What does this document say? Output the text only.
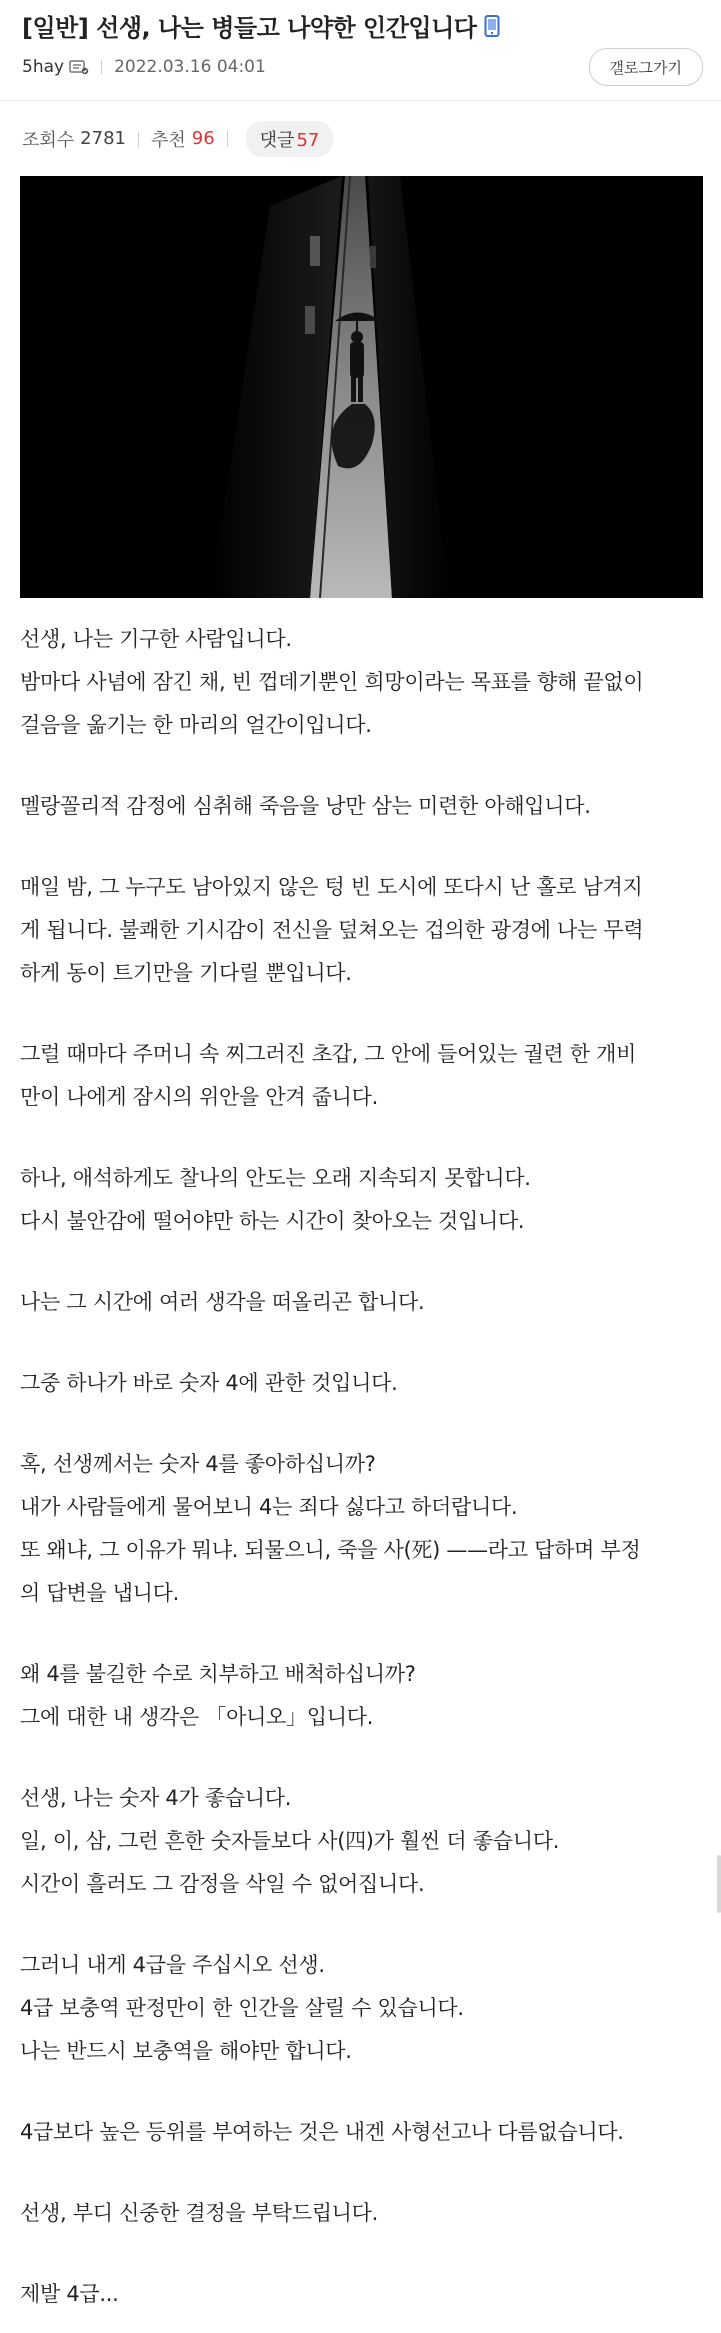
[일반] 선생, 나는 병들고 나약한 인간입니다
5hay	2022.03.16 04:01	갤로그가기
조회수 2781 추천 96	댓글 57
선생, 나는 기구한 사람입니다.
밤마다 사념에 잠긴 채, 빈 껍데기뿐인 희망이라는 목표를 향해 끝없이
걸음을 옮기는 한 마리의 얼간이입니다.
멜랑꼴리적 감정에 심취해 죽음을 낭만 삼는 미련한 아해입니다.
매일 밤, 그 누구도 남아있지 않은 텅 빈 도시에 또다시 난 홀로 남겨지
게 됩니다. 불쾌한 기시감이 전신을 덮쳐오는 겁의한 광경에 나는 무력
하게 동이 트기만을 기다릴 뿐입니다.
그럴 때마다 주머니 속 찌그러진 초갑, 그 안에 들어있는 궐련 한 개비
만이 나에게 잠시의 위안을 안겨 줍니다.
하나, 애석하게도 찰나의 안도는 오래 지속되지 못합니다.
다시 불안감에 떨어야만 하는 시간이 찾아오는 것입니다.
나는 그 시간에 여러 생각을 떠올리곤 합니다.
그중 하나가 바로 숫자 4에 관한 것입니다.
혹, 선생께서는 숫자 4를 좋아하십니까?
내가 사람들에게 물어보니 4는 죄다 싫다고 하더랍니다.
또 왜냐, 그 이유가 뭐냐. 되물으니, 죽을 사(死) ——라고 답하며 부정
의 답변을 냅니다.
왜 4를 불길한 수로 치부하고 배척하십니까?
그에 대한 내 생각은 「아니오」입니다.
선생, 나는 숫자 4가 좋습니다.
일, 이, 삼, 그런 흔한 숫자들보다 사(四)가 훨씬 더 좋습니다.
시간이 흘러도 그 감정을 삭일 수 없어집니다.
그러니 내게 4급을 주십시오 선생.
4급 보충역 판정만이 한 인간을 살릴 수 있습니다.
나는 반드시 보충역을 해야만 합니다.
4급보다 높은 등위를 부여하는 것은 내겐 사형선고나 다름없습니다.
선생, 부디 신중한 결정을 부탁드립니다.
제발 4급...
